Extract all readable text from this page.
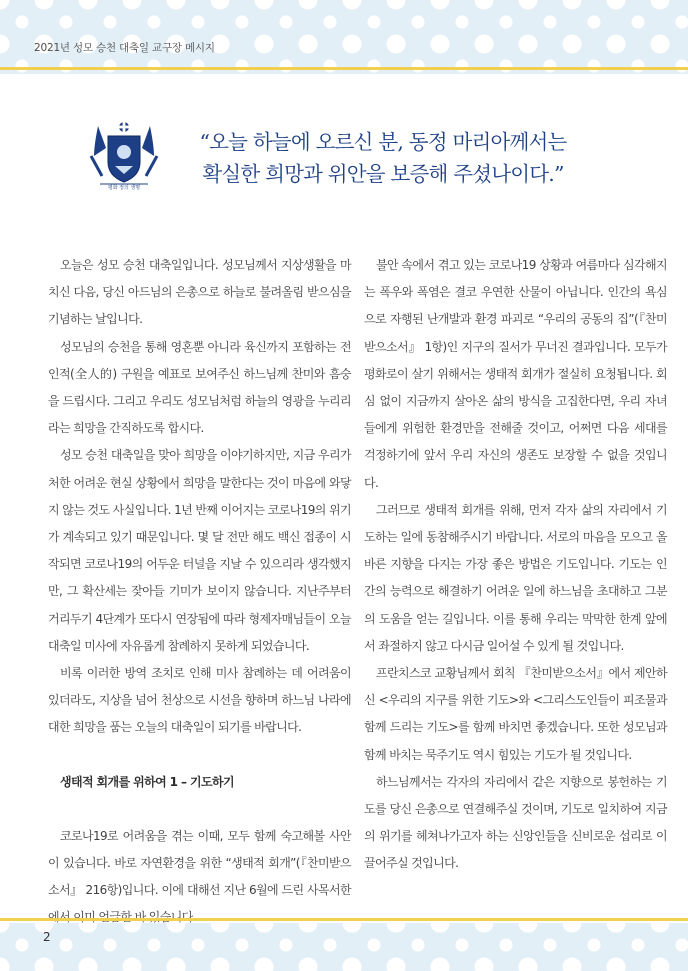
2021년 성모 승천 대축일 교구장 메시지
평화 정의 생명
“오늘 하늘에 오르신 분, 동정 마리아께서는
확실한 희망과 위안을 보증해 주셨나이다.”

오늘은 성모 승천 대축일입니다. 성모님께서 지상생활을 마치신 다음, 당신 아드님의 은총으로 하늘로 불려올림 받으심을 기념하는 날입니다.

성모님의 승천을 통해 영혼뿐 아니라 육신까지 포함하는 전인적(全人的) 구원을 예표로 보여주신 하느님께 찬미와 흠숭을 드립시다. 그리고 우리도 성모님처럼 하늘의 영광을 누리리라는 희망을 간직하도록 합시다.

성모 승천 대축일을 맞아 희망을 이야기하지만, 지금 우리가 처한 어려운 현실 상황에서 희망을 말한다는 것이 마음에 와닿지 않는 것도 사실입니다. 1년 반째 이어지는 코로나19의 위기가 계속되고 있기 때문입니다. 몇 달 전만 해도 백신 접종이 시작되면 코로나19의 어두운 터널을 지날 수 있으리라 생각했지만, 그 확산세는 잦아들 기미가 보이지 않습니다. 지난주부터 거리두기 4단계가 또다시 연장됨에 따라 형제자매님들이 오늘 대축일 미사에 자유롭게 참례하지 못하게 되었습니다.

비록 이러한 방역 조치로 인해 미사 참례하는 데 어려움이 있더라도, 지상을 넘어 천상으로 시선을 향하며 하느님 나라에 대한 희망을 품는 오늘의 대축일이 되기를 바랍니다.

생태적 회개를 위하여 1 – 기도하기

코로나19로 어려움을 겪는 이때, 모두 함께 숙고해볼 사안이 있습니다. 바로 자연환경을 위한 “생태적 회개”(『찬미받으소서』 216항)입니다. 이에 대해선 지난 6월에 드린 사목서한

불안 속에서 겪고 있는 코로나19 상황과 여름마다 심각해지는 폭우와 폭염은 결코 우연한 산물이 아닙니다. 인간의 욕심으로 자행된 난개발과 환경 파괴로 “우리의 공동의 집”(『찬미받으소서』 1항)인 지구의 질서가 무너진 결과입니다. 모두가 평화로이 살기 위해서는 생태적 회개가 절실히 요청됩니다. 회심 없이 지금까지 살아온 삶의 방식을 고집한다면, 우리 자녀들에게 위험한 환경만을 전해줄 것이고, 어쩌면 다음 세대를 걱정하기에 앞서 우리 자신의 생존도 보장할 수 없을 것입니다.

그러므로 생태적 회개를 위해, 먼저 각자 삶의 자리에서 기도하는 일에 동참해주시기 바랍니다. 서로의 마음을 모으고 올바른 지향을 다지는 가장 좋은 방법은 기도입니다. 기도는 인간의 능력으로 해결하기 어려운 일에 하느님을 초대하고 그분의 도움을 얻는 길입니다. 이를 통해 우리는 막막한 한계 앞에서 좌절하지 않고 다시금 일어설 수 있게 될 것입니다.

프란치스코 교황님께서 회칙 『찬미받으소서』에서 제안하신 <우리의 지구를 위한 기도>와 <그리스도인들이 피조물과 함께 드리는 기도>를 함께 바치면 좋겠습니다. 또한 성모님과 함께 바치는 묵주기도 역시 힘있는 기도가 될 것입니다.

하느님께서는 각자의 자리에서 같은 지향으로 봉헌하는 기도를 당신 은총으로 연결해주실 것이며, 기도로 일치하여 지금의 위기를 헤쳐나가고자 하는 신앙인들을 신비로운 섭리로 이끌어주실 것입니다.

2
